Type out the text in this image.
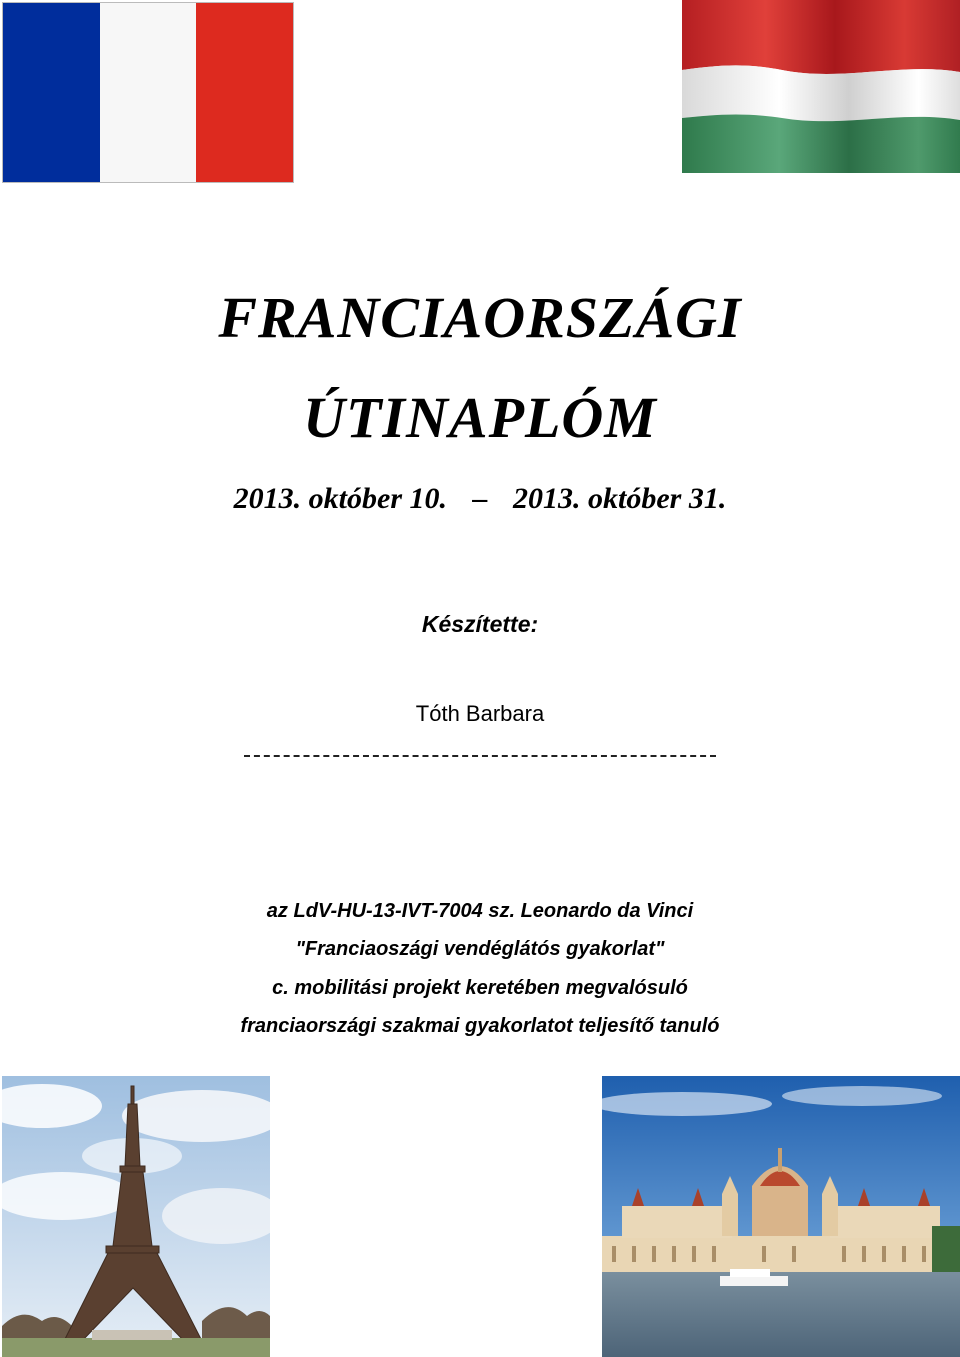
FRANCIAORSZÁGI
ÚTINAPLÓM
2013. október 10. – 2013. október 31.
Készítette:
Tóth Barbara
az LdV-HU-13-IVT-7004 sz. Leonardo da Vinci
"Franciaoszági vendéglátós gyakorlat"
c. mobilitási projekt keretében megvalósuló
franciaországi szakmai gyakorlatot teljesítő tanuló
